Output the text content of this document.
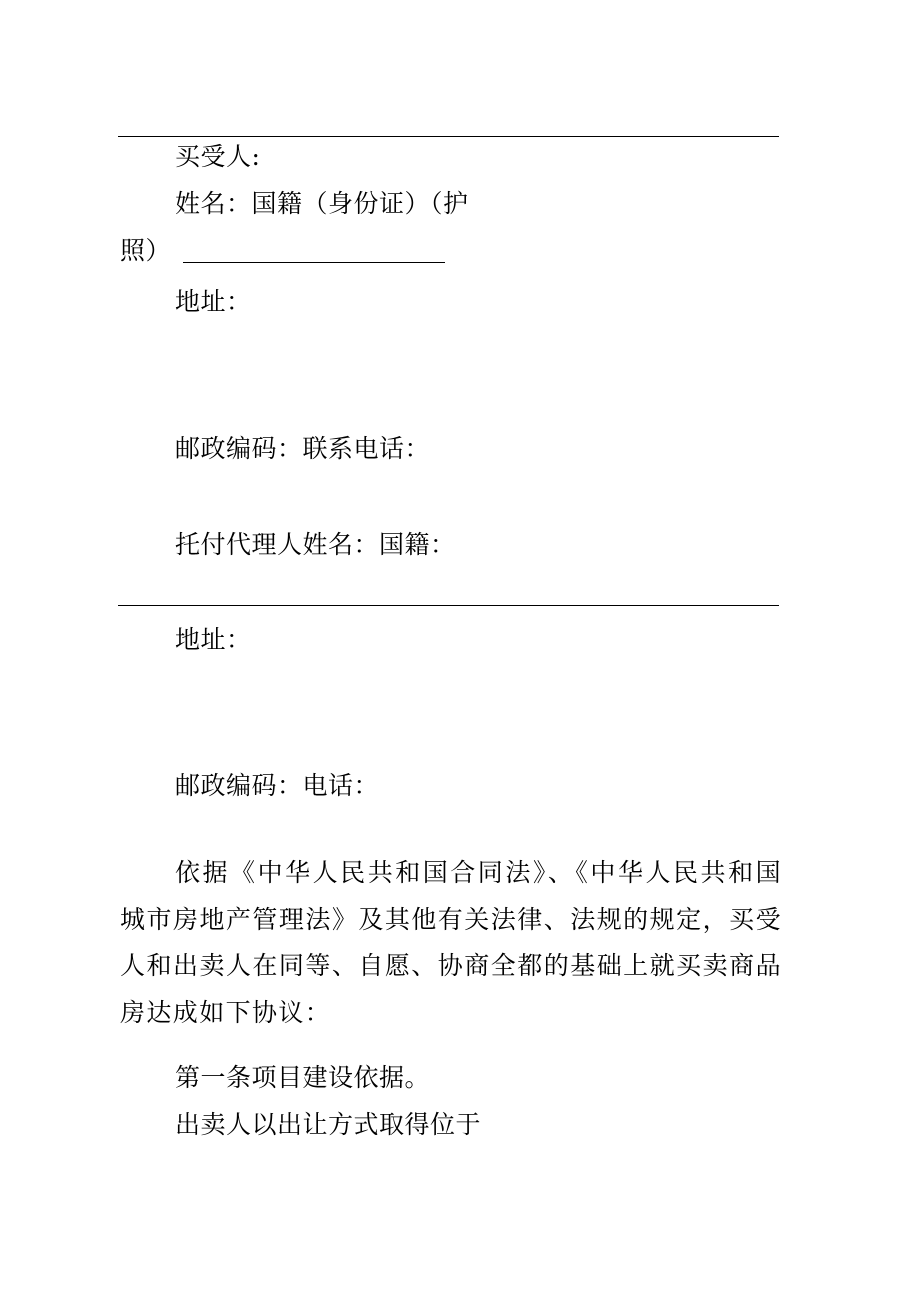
买受人:
姓名：国籍（身份证）（护
照）
地址：
邮政编码：联系电话：
托付代理人姓名：国籍：
地址：
邮政编码：电话：
依据《中华人民共和国合同法》、《中华人民共和国城市房地产管理法》及其他有关法律、法规的规定，买受人和出卖人在同等、自愿、协商全都的基础上就买卖商品房达成如下协议：
第一条项目建设依据。
出卖人以出让方式取得位于
